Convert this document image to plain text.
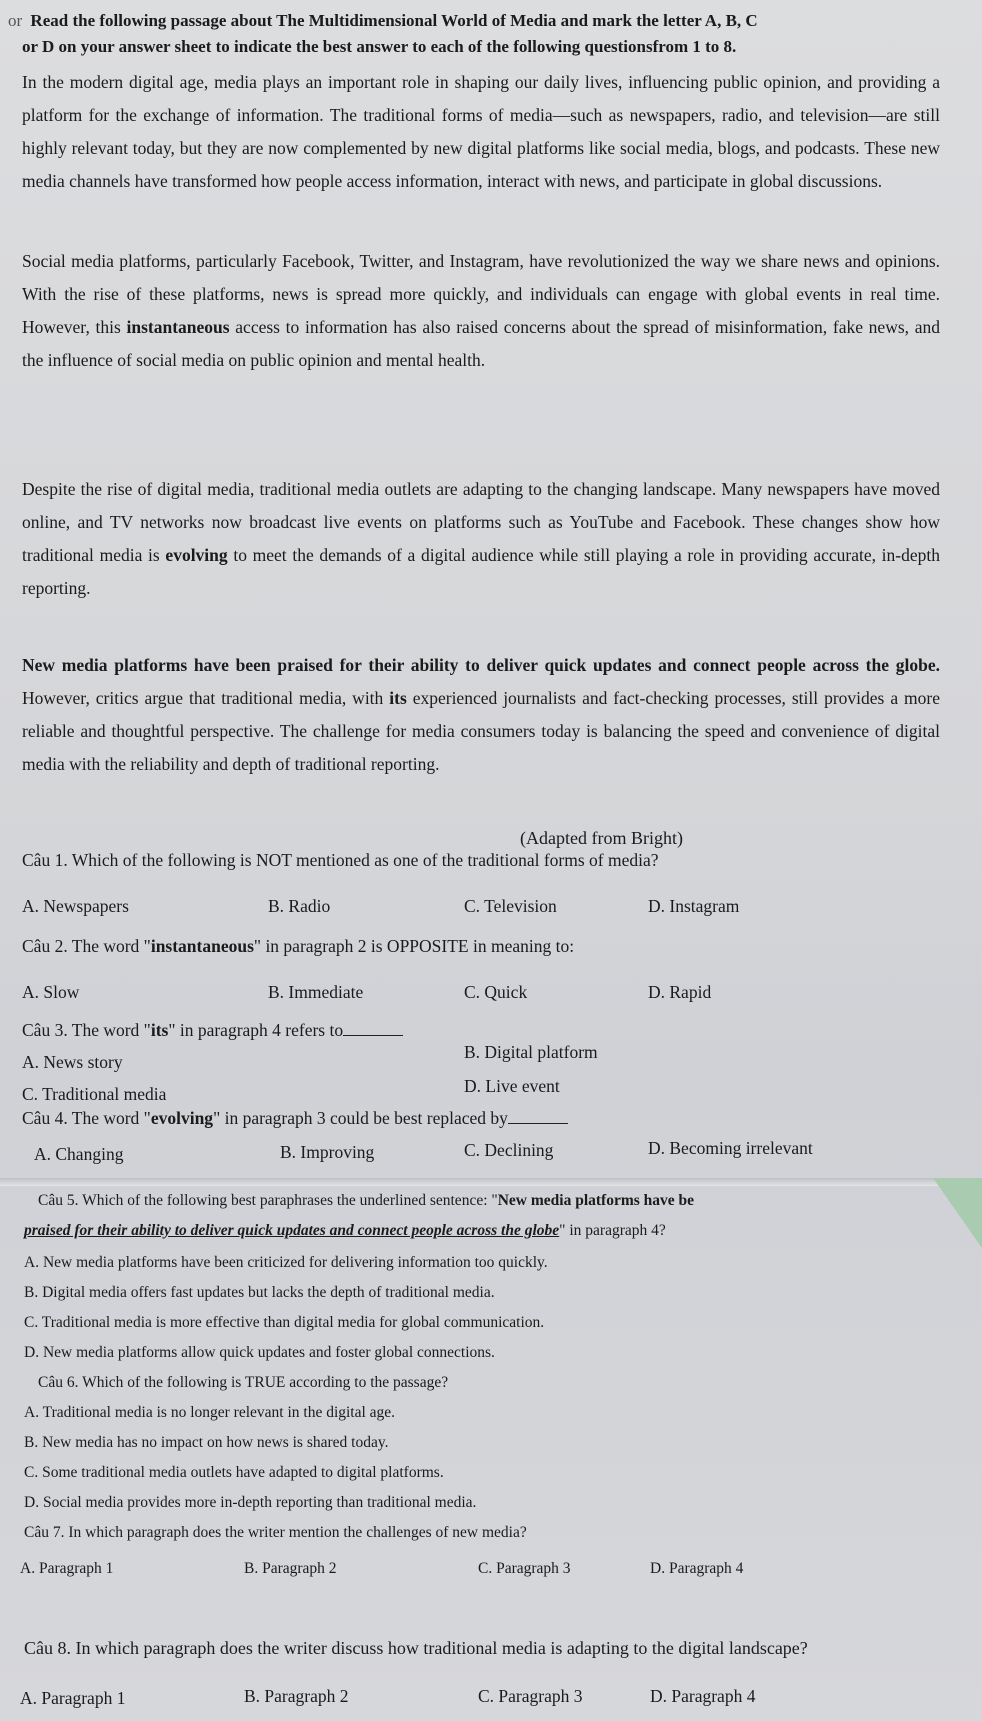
or Read the following passage about The Multidimensional World of Media and mark the letter A, B, C
or D on your answer sheet to indicate the best answer to each of the following questionsfrom 1 to 8.
In the modern digital age, media plays an important role in shaping our daily lives, influencing public opinion, and providing a platform for the exchange of information. The traditional forms of media—such as newspapers, radio, and television—are still highly relevant today, but they are now complemented by new digital platforms like social media, blogs, and podcasts. These new media channels have transformed how people access information, interact with news, and participate in global discussions.
Social media platforms, particularly Facebook, Twitter, and Instagram, have revolutionized the way we share news and opinions. With the rise of these platforms, news is spread more quickly, and individuals can engage with global events in real time. However, this instantaneous access to information has also raised concerns about the spread of misinformation, fake news, and the influence of social media on public opinion and mental health.
Despite the rise of digital media, traditional media outlets are adapting to the changing landscape. Many newspapers have moved online, and TV networks now broadcast live events on platforms such as YouTube and Facebook. These changes show how traditional media is evolving to meet the demands of a digital audience while still playing a role in providing accurate, in-depth reporting.
New media platforms have been praised for their ability to deliver quick updates and connect people across the globe. However, critics argue that traditional media, with its experienced journalists and fact-checking processes, still provides a more reliable and thoughtful perspective. The challenge for media consumers today is balancing the speed and convenience of digital media with the reliability and depth of traditional reporting.
(Adapted from Bright)
Câu 1. Which of the following is NOT mentioned as one of the traditional forms of media?
A. Newspapers	B. Radio	C. Television	D. Instagram
Câu 2. The word "instantaneous" in paragraph 2 is OPPOSITE in meaning to:
A. Slow	B. Immediate	C. Quick	D. Rapid
Câu 3. The word "its" in paragraph 4 refers to
A. News story	B. Digital platform
C. Traditional media	D. Live event
Câu 4. The word "evolving" in paragraph 3 could be best replaced by
A. Changing	B. Improving	C. Declining	D. Becoming irrelevant
Câu 5. Which of the following best paraphrases the underlined sentence: "New media platforms have be
praised for their ability to deliver quick updates and connect people across the globe" in paragraph 4?
A. New media platforms have been criticized for delivering information too quickly.
B. Digital media offers fast updates but lacks the depth of traditional media.
C. Traditional media is more effective than digital media for global communication.
D. New media platforms allow quick updates and foster global connections.
Câu 6. Which of the following is TRUE according to the passage?
A. Traditional media is no longer relevant in the digital age.
B. New media has no impact on how news is shared today.
C. Some traditional media outlets have adapted to digital platforms.
D. Social media provides more in-depth reporting than traditional media.
Câu 7. In which paragraph does the writer mention the challenges of new media?
A. Paragraph 1	B. Paragraph 2	C. Paragraph 3	D. Paragraph 4
Câu 8. In which paragraph does the writer discuss how traditional media is adapting to the digital landscape?
A. Paragraph 1	B. Paragraph 2	C. Paragraph 3	D. Paragraph 4
